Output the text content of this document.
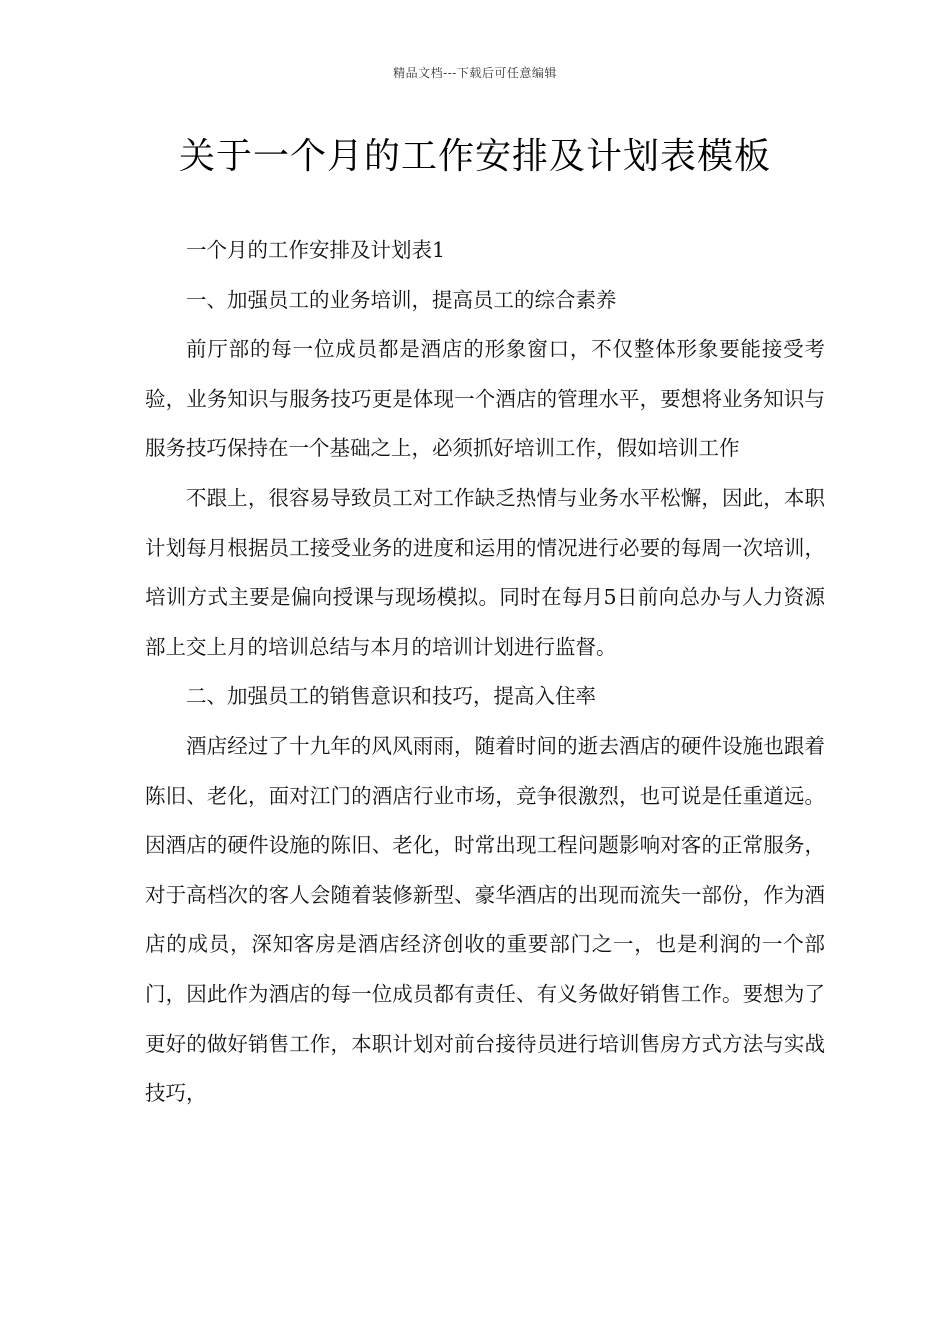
精品文档---下载后可任意编辑
关于一个月的工作安排及计划表模板

一个月的工作安排及计划表1

一、加强员工的业务培训，提高员工的综合素养

前厅部的每一位成员都是酒店的形象窗口，不仅整体形象要能接受考验，业务知识与服务技巧更是体现一个酒店的管理水平，要想将业务知识与服务技巧保持在一个基础之上，必须抓好培训工作，假如培训工作

不跟上，很容易导致员工对工作缺乏热情与业务水平松懈，因此，本职计划每月根据员工接受业务的进度和运用的情况进行必要的每周一次培训，培训方式主要是偏向授课与现场模拟。同时在每月5日前向总办与人力资源部上交上月的培训总结与本月的培训计划进行监督。

二、加强员工的销售意识和技巧，提高入住率

酒店经过了十九年的风风雨雨，随着时间的逝去酒店的硬件设施也跟着陈旧、老化，面对江门的酒店行业市场，竞争很激烈，也可说是任重道远。因酒店的硬件设施的陈旧、老化，时常出现工程问题影响对客的正常服务，对于高档次的客人会随着装修新型、豪华酒店的出现而流失一部份，作为酒店的成员，深知客房是酒店经济创收的重要部门之一，也是利润的一个部门，因此作为酒店的每一位成员都有责任、有义务做好销售工作。要想为了更好的做好销售工作，本职计划对前台接待员进行培训售房方式方法与实战技巧，
